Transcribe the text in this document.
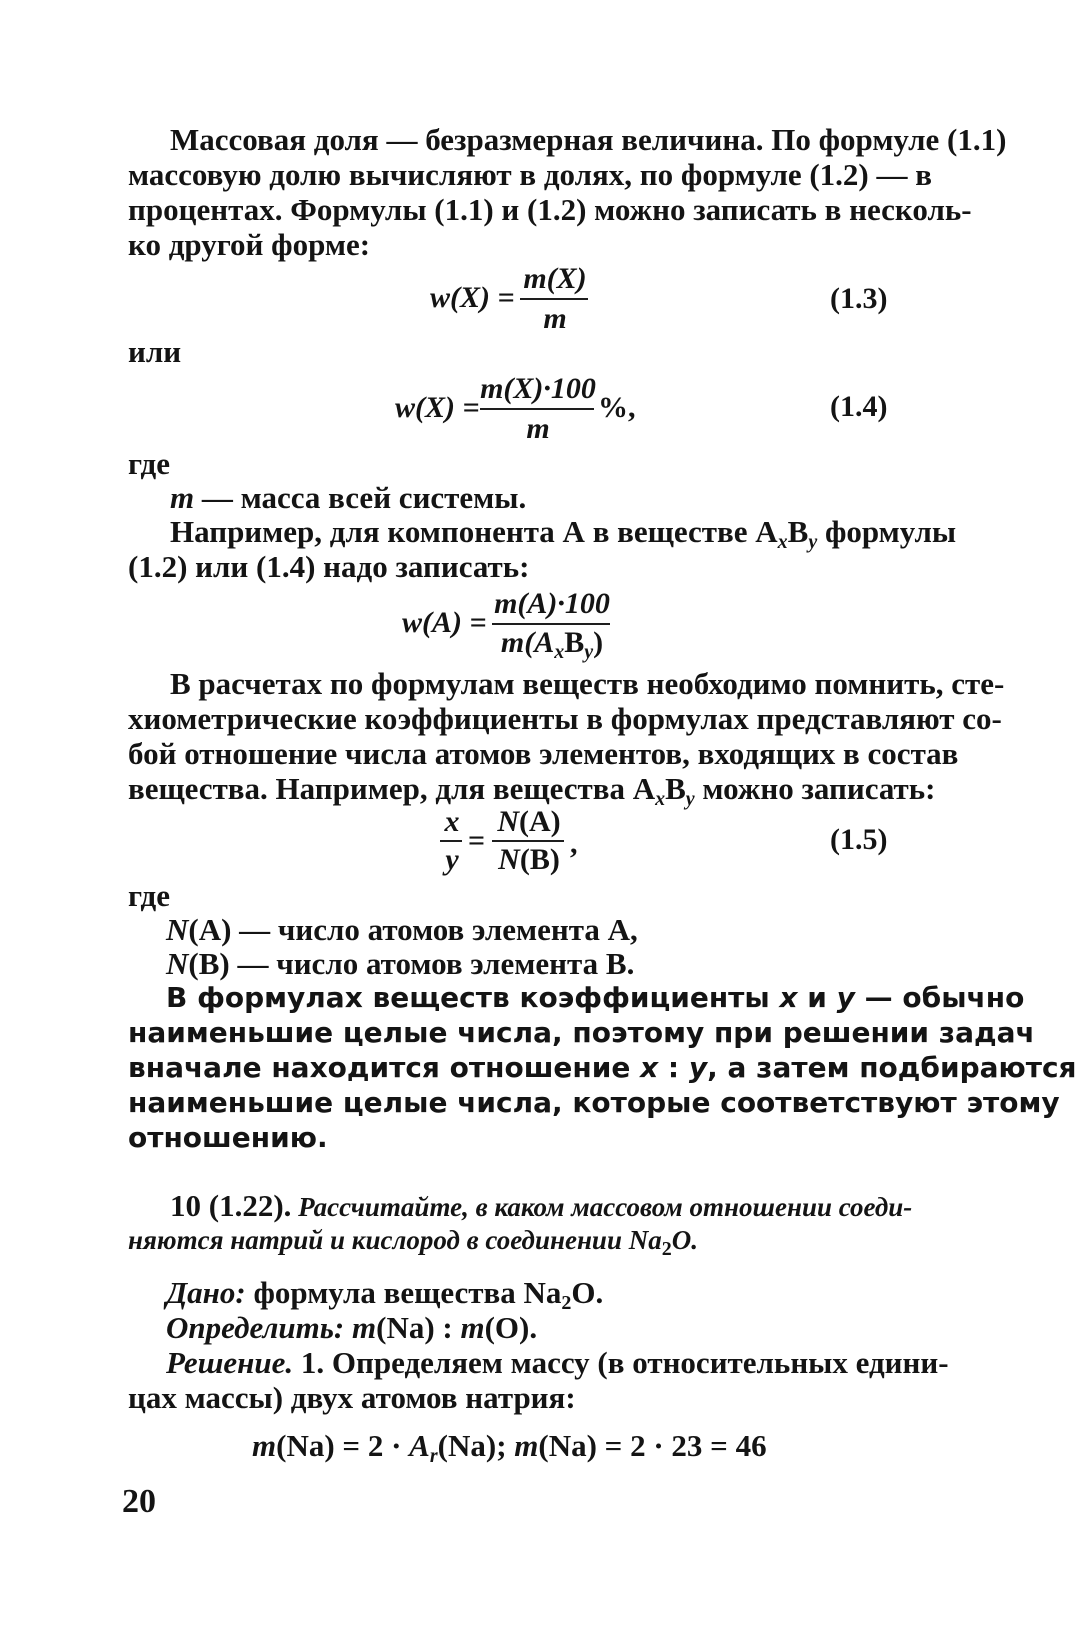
Массовая доля — безразмерная величина. По формуле (1.1)
массовую долю вычисляют в долях, по формуле (1.2) — в
процентах. Формулы (1.1) и (1.2) можно записать в несколь-
ко другой форме:
w(X) =
m(X)
m
(1.3)
или
w(X) =
m(X)·100
m
%,	(1.4)
где
m — масса всей системы.
Например, для компонента А в веществе $A_xB_y$ формулы
(1.2) или (1.4) надо записать:
w(A) =
m(A)·100
$m(A_xB_y)$
В расчетах по формулам веществ необходимо помнить, сте-
хиометрические коэффициенты в формулах представляют со-
бой отношение числа атомов элементов, входящих в состав
вещества. Например, для вещества $A_xB_y$ можно записать:
x
y
=
N(A)
N(B) ,	(1.5)
где
N(A) — число атомов элемента А,
N(B) — число атомов элемента В.
В формулах веществ коэффициенты x и y — обычно
наименьшие целые числа, поэтому при решении задач
вначале находится отношение x : y, а затем подбираются
наименьшие целые числа, которые соответствуют этому
отношению.
10 (1.22). Рассчитайте, в каком массовом отношении соеди-
няются натрий и кислород в соединении $Na_2O$.
Дано: формула вещества Na2O.
Определить: m(Na) : m(O).
Решение. 1. Определяем массу (в относительных едини-
цах массы) двух атомов натрия:
$m(Na) = 2 \cdot A_r(Na)$; m(Na) = 2 · 23 = 46
20
